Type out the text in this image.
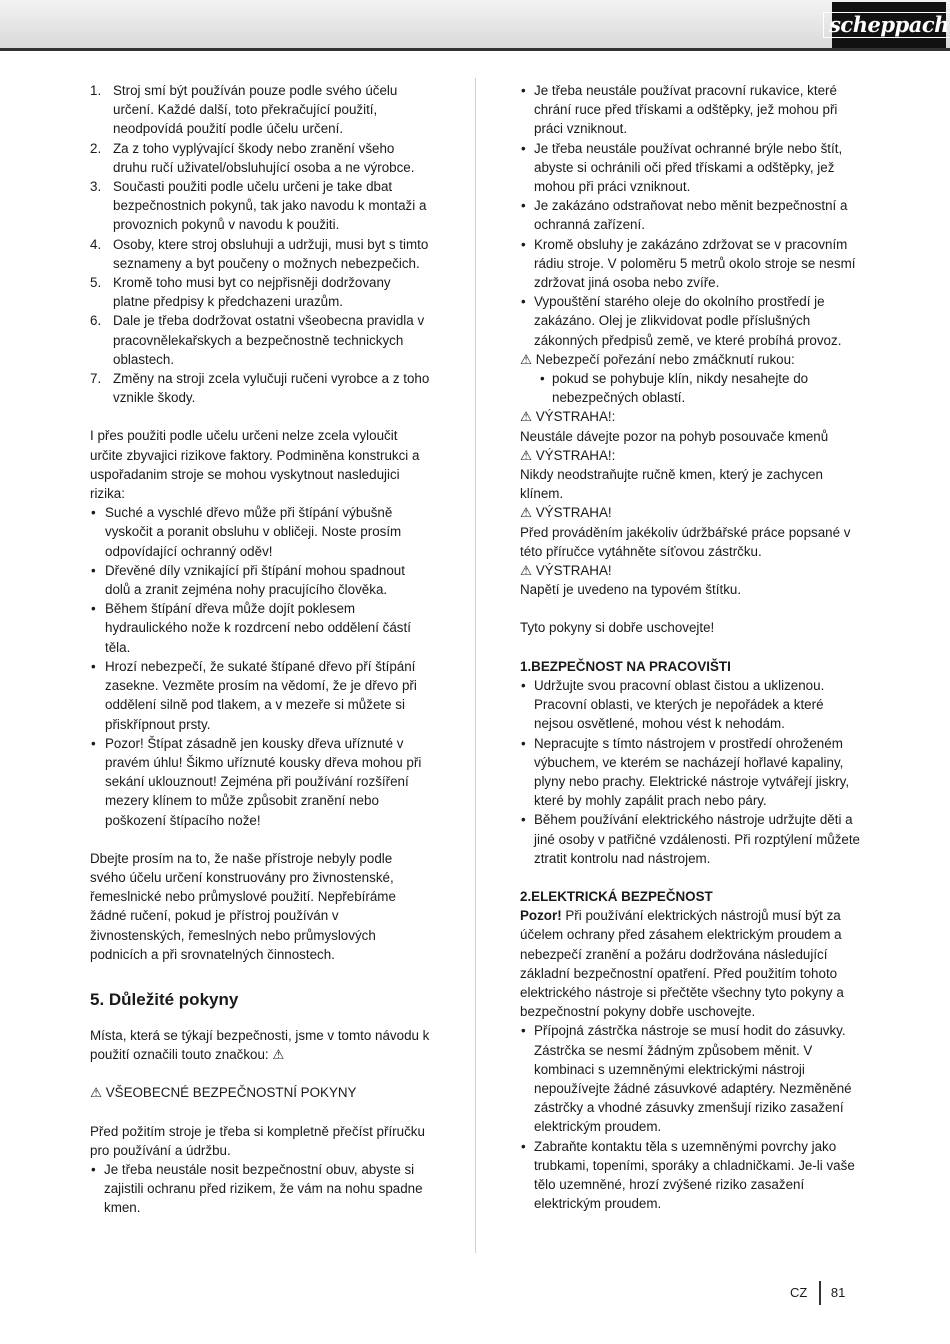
scheppach
1. Stroj smí být používán pouze podle svého účelu určení. Každé další, toto překračující použití, neodpovídá použití podle účelu určení.
2. Za z toho vyplývající škody nebo zranění všeho druhu ručí uživatel/obsluhující osoba a ne výrobce.
3. Současti použiti podle učelu určeni je take dbat bezpečnostnich pokynů, tak jako navodu k montaži a provoznich pokynů v navodu k použiti.
4. Osoby, ktere stroj obsluhuji a udržuji, musi byt s timto seznameny a byt poučeny o možnych nebezpečich.
5. Kromě toho musi byt co nejpřisněji dodržovany platne předpisy k předchazeni urazům.
6. Dale je třeba dodržovat ostatni všeobecna pravidla v pracovnělekařskych a bezpečnostně technickych oblastech.
7. Změny na stroji zcela vylučuji ručeni vyrobce a z toho vznikle škody.

I přes použiti podle učelu určeni nelze zcela vyloučit určite zbyvajici rizikove faktory. Podminěna konstrukci a uspořadanim stroje se mohou vyskytnout nasledujici rizika:

• Suché a vyschlé dřevo může při štípání výbušně vyskočit a poranit obsluhu v obličeji. Noste prosím odpovídající ochranný oděv!
• Dřevěné díly vznikající při štípání mohou spadnout dolů a zranit zejména nohy pracujícího člověka.
• Během štípání dřeva může dojít poklesem hydraulického nože k rozdrcení nebo oddělení částí těla.
• Hrozí nebezpečí, že sukaté štípané dřevo pří štípání zasekne. Vezměte prosím na vědomí, že je dřevo při oddělení silně pod tlakem, a v mezeře si můžete si přiskřípnout prsty.
• Pozor! Štípat zásadně jen kousky dřeva uříznuté v pravém úhlu! Šikmo uříznuté kousky dřeva mohou při sekání uklouznout! Zejména při používání rozšíření mezery klínem to může způsobit zranění nebo poškození štípacího nože!

Dbejte prosím na to, že naše přístroje nebyly podle svého účelu určení konstruovány pro živnostenské, řemeslnické nebo průmyslové použití. Nepřebíráme žádné ručení, pokud je přístroj používán v živnostenských, řemeslných nebo průmyslových podnicích a při srovnatelných činnostech.

5. Důležité pokyny

Místa, která se týkají bezpečnosti, jsme v tomto návodu k použití označili touto značkou: ⚠

⚠ VŠEOBECNÉ BEZPEČNOSTNÍ POKYNY

Před požitím stroje je třeba si kompletně přečíst příručku pro používání a údržbu.

• Je třeba neustále nosit bezpečnostní obuv, abyste si zajistili ochranu před rizikem, že vám na nohu spadne kmen.
• Je třeba neustále používat pracovní rukavice, které chrání ruce před třískami a odštěpky, jež mohou při práci vzniknout.
• Je třeba neustále používat ochranné brýle nebo štít, abyste si ochránili oči před třískami a odštěpky, jež mohou při práci vzniknout.
• Je zakázáno odstraňovat nebo měnit bezpečnostní a ochranná zařízení.
• Kromě obsluhy je zakázáno zdržovat se v pracovním rádiu stroje. V poloměru 5 metrů okolo stroje se nesmí zdržovat jiná osoba nebo zvíře.
• Vypouštění starého oleje do okolního prostředí je zakázáno. Olej je zlikvidovat podle příslušných zákonných předpisů země, ve které probíhá provoz.

⚠ Nebezpečí pořezání nebo zmáčknutí rukou:

• pokud se pohybuje klín, nikdy nesahejte do nebezpečných oblastí.

⚠ VÝSTRAHA!:

Neustále dávejte pozor na pohyb posouvače kmenů

⚠ VÝSTRAHA!:

Nikdy neodstraňujte ručně kmen, který je zachycen klínem.

⚠ VÝSTRAHA!

Před prováděním jakékoliv údržbářské práce popsané v této příručce vytáhněte síťovou zástrčku.

⚠ VÝSTRAHA!

Napětí je uvedeno na typovém štítku.

Tyto pokyny si dobře uschovejte!

1.BEZPEČNOST NA PRACOVIŠTI
• Udržujte svou pracovní oblast čistou a uklizenou. Pracovní oblasti, ve kterých je nepořádek a které nejsou osvětlené, mohou vést k nehodám.
• Nepracujte s tímto nástrojem v prostředí ohroženém výbuchem, ve kterém se nacházejí hořlavé kapaliny, plyny nebo prachy. Elektrické nástroje vytvářejí jiskry, které by mohly zapálit prach nebo páry.
• Během používání elektrického nástroje udržujte děti a jiné osoby v patřičné vzdálenosti. Při rozptýlení můžete ztratit kontrolu nad nástrojem.
2.ELEKTRICKÁ BEZPEČNOST

Pozor! Při používání elektrických nástrojů musí být za účelem ochrany před zásahem elektrickým proudem a nebezpečí zranění a požáru dodržována následující základní bezpečnostní opatření. Před použitím tohoto elektrického nástroje si přečtěte všechny tyto pokyny a bezpečnostní pokyny dobře uschovejte.

• Přípojná zástrčka nástroje se musí hodit do zásuvky. Zástrčka se nesmí žádným způsobem měnit. V kombinaci s uzemněnými elektrickými nástroji nepoužívejte žádné zásuvkové adaptéry. Nezměněné zástrčky a vhodné zásuvky zmenšují riziko zasažení elektrickým proudem.
• Zabraňte kontaktu těla s uzemněnými povrchy jako trubkami, topeními, sporáky a chladničkami. Je-li vaše tělo uzemněné, hrozí zvýšené riziko zasažení elektrickým proudem.
CZ 81
